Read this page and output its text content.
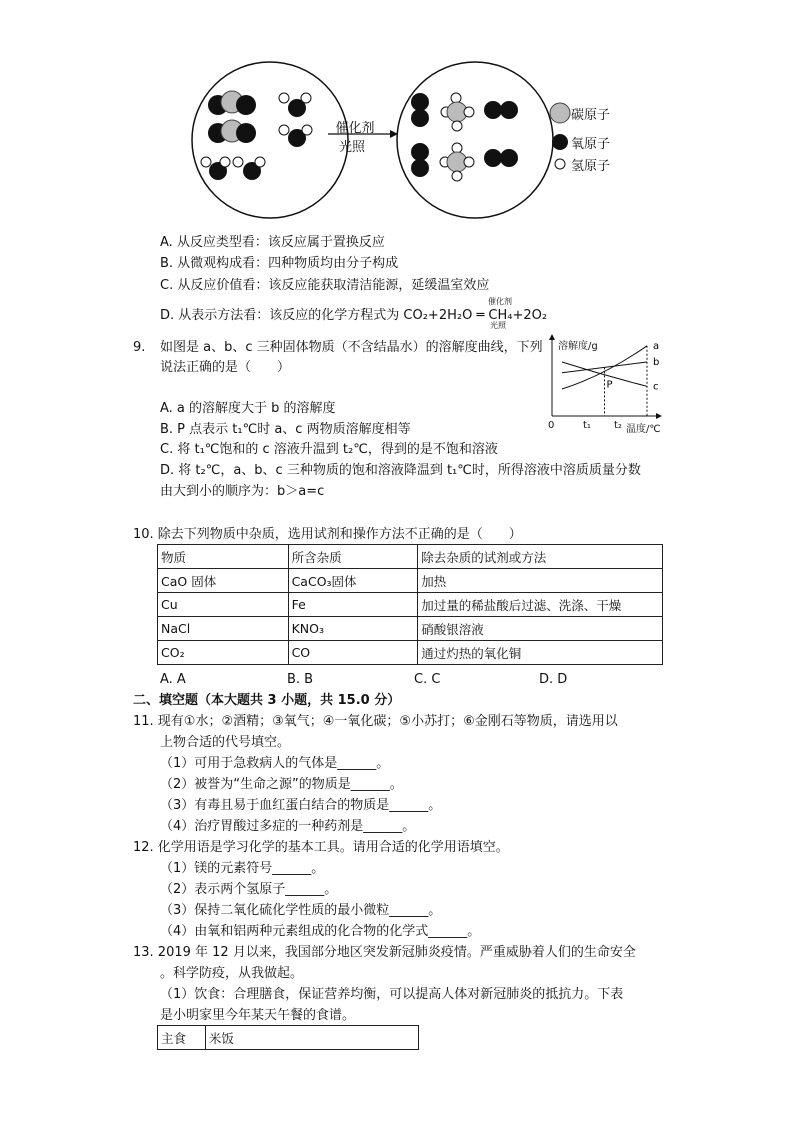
催化剂
光照
碳原子
氧原子
氢原子
A. 从反应类型看：该反应属于置换反应
B. 从微观构成看：四种物质均由分子构成
C. 从反应价值看：该反应能获取清洁能源，延缓温室效应
D. 从表示方法看：该反应的化学方程式为 CO₂+2H₂O ═ CH₄+2O₂
催化剂
光照
9. 如图是 a、b、c 三种固体物质（不含结晶水）的溶解度曲线，下列
说法正确的是（　　）
A. a 的溶解度大于 b 的溶解度
B. P 点表示 t₁℃时 a、c 两物质溶解度相等
C. 将 t₁℃饱和的 c 溶液升温到 t₂℃，得到的是不饱和溶液
D. 将 t₂℃，a、b、c 三种物质的饱和溶液降温到 t₁℃时，所得溶液中溶质质量分数
由大到小的顺序为：b＞a=c
a
b
c
P
溶解度/g
0	t₁ t₂ 温度/℃
10. 除去下列物质中杂质，选用试剂和操作方法不正确的是（　　）
物质	所含杂质	除去杂质的试剂或方法
CaO 固体	CaCO₃固体	加热
Cu	Fe	加过量的稀盐酸后过滤、洗涤、干燥
NaCl	KNO₃	硝酸银溶液
CO₂	CO	通过灼热的氧化铜
A. A	B. B	C. C	D. D
二、填空题（本大题共 3 小题，共 15.0 分）
11. 现有①水；②酒精；③氧气；④一氧化碳；⑤小苏打；⑥金刚石等物质，请选用以
上物合适的代号填空。
（1）可用于急救病人的气体是______。
（2）被誉为“生命之源”的物质是______。
（3）有毒且易于血红蛋白结合的物质是______。
（4）治疗胃酸过多症的一种药剂是______。
12. 化学用语是学习化学的基本工具。请用合适的化学用语填空。
（1）镁的元素符号______。
（2）表示两个氢原子______。
（3）保持二氧化硫化学性质的最小微粒______。
（4）由氧和铝两种元素组成的化合物的化学式______。
13. 2019 年 12 月以来，我国部分地区突发新冠肺炎疫情。严重威胁着人们的生命安全
。科学防疫，从我做起。
（1）饮食：合理膳食，保证营养均衡，可以提高人体对新冠肺炎的抵抗力。下表
是小明家里今年某天午餐的食谱。
主食	米饭
